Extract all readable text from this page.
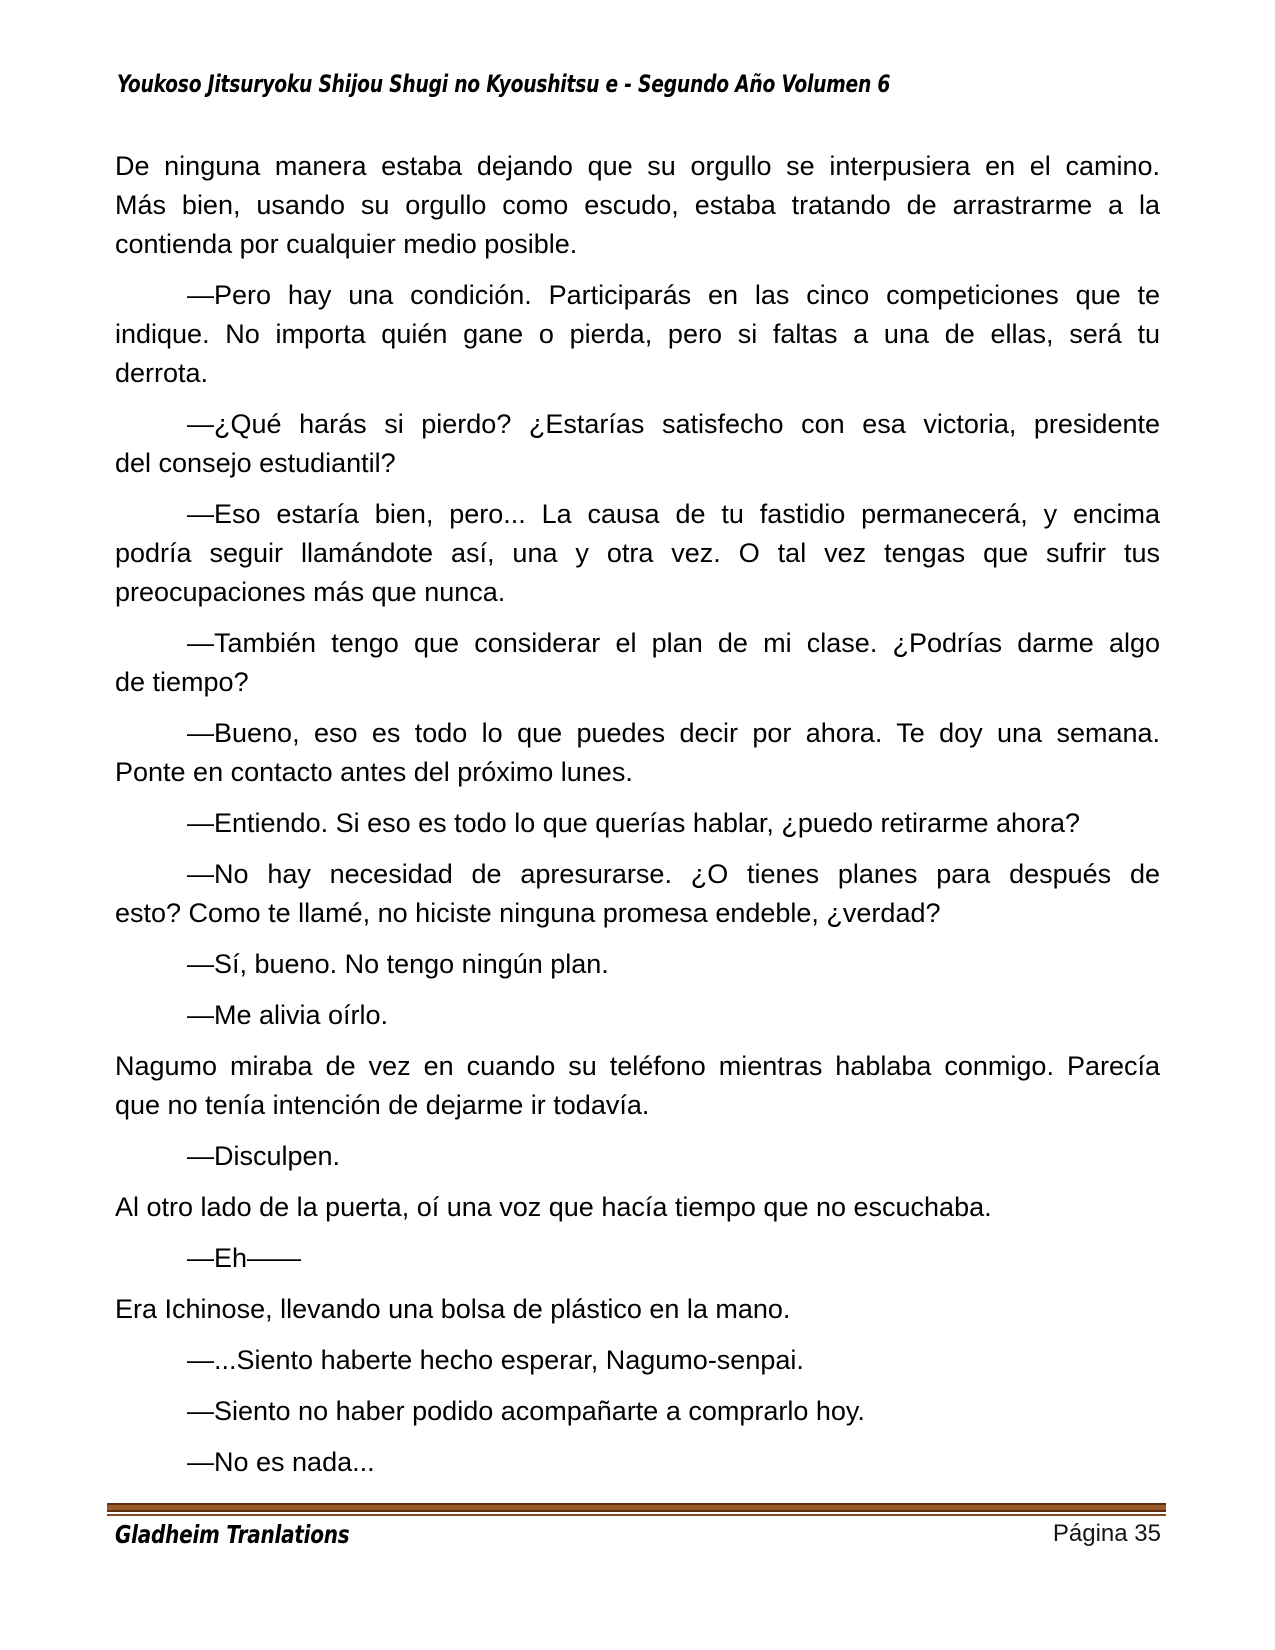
Youkoso Jitsuryoku Shijou Shugi no Kyoushitsu e - Segundo Año Volumen 6
De ninguna manera estaba dejando que su orgullo se interpusiera en el camino.
Más bien, usando su orgullo como escudo, estaba tratando de arrastrarme a la
contienda por cualquier medio posible.
—Pero hay una condición. Participarás en las cinco competiciones que te
indique. No importa quién gane o pierda, pero si faltas a una de ellas, será tu
derrota.
—¿Qué harás si pierdo? ¿Estarías satisfecho con esa victoria, presidente
del consejo estudiantil?
—Eso estaría bien, pero... La causa de tu fastidio permanecerá, y encima
podría seguir llamándote así, una y otra vez. O tal vez tengas que sufrir tus
preocupaciones más que nunca.
—También tengo que considerar el plan de mi clase. ¿Podrías darme algo
de tiempo?
—Bueno, eso es todo lo que puedes decir por ahora. Te doy una semana.
Ponte en contacto antes del próximo lunes.
—Entiendo. Si eso es todo lo que querías hablar, ¿puedo retirarme ahora?
—No hay necesidad de apresurarse. ¿O tienes planes para después de
esto? Como te llamé, no hiciste ninguna promesa endeble, ¿verdad?
—Sí, bueno. No tengo ningún plan.
—Me alivia oírlo.
Nagumo miraba de vez en cuando su teléfono mientras hablaba conmigo. Parecía
que no tenía intención de dejarme ir todavía.
—Disculpen.
Al otro lado de la puerta, oí una voz que hacía tiempo que no escuchaba.
—Eh――
Era Ichinose, llevando una bolsa de plástico en la mano.
—...Siento haberte hecho esperar, Nagumo-senpai.
—Siento no haber podido acompañarte a comprarlo hoy.
—No es nada...
Gladheim Tranlations	Página 35
